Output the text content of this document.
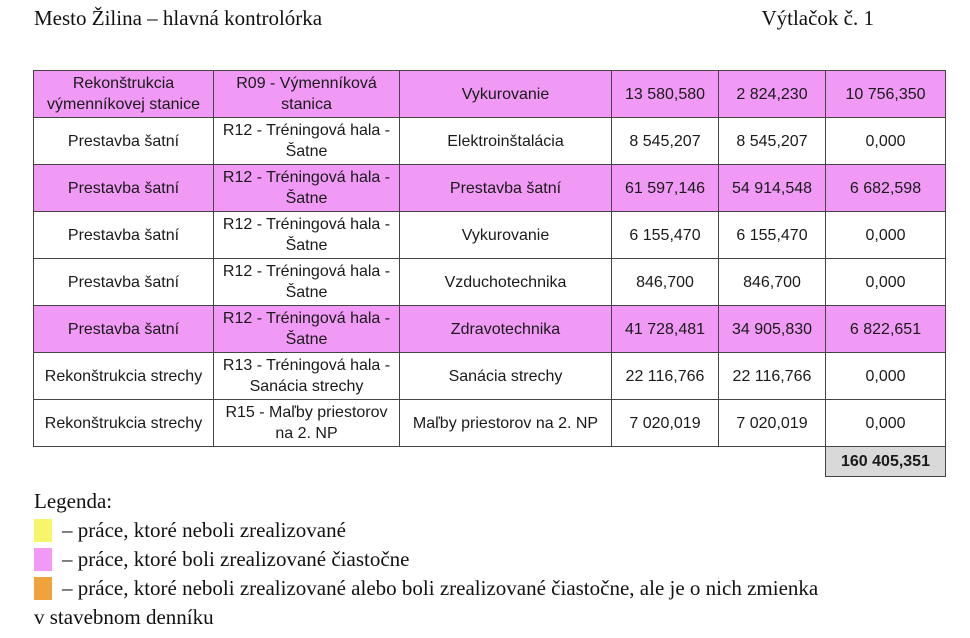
Mesto Žilina – hlavná kontrolórka	Výtlačok č. 1
Rekonštrukcia výmenníkovej stanice	R09 - Výmenníková stanica	Vykurovanie	13 580,580	2 824,230	10 756,350
Prestavba šatní	R12 - Tréningová hala - Šatne	Elektroinštalácia	8 545,207	8 545,207	0,000
Prestavba šatní	R12 - Tréningová hala - Šatne	Prestavba šatní	61 597,146	54 914,548	6 682,598
Prestavba šatní	R12 - Tréningová hala - Šatne	Vykurovanie	6 155,470	6 155,470	0,000
Prestavba šatní	R12 - Tréningová hala - Šatne	Vzduchotechnika	846,700	846,700	0,000
Prestavba šatní	R12 - Tréningová hala - Šatne	Zdravotechnika	41 728,481	34 905,830	6 822,651
Rekonštrukcia strechy	R13 - Tréningová hala - Sanácia strechy	Sanácia strechy	22 116,766	22 116,766	0,000
Rekonštrukcia strechy	R15 - Maľby priestorov na 2. NP	Maľby priestorov na 2. NP	7 020,019	7 020,019	0,000
					160 405,351
Legenda:
– práce, ktoré neboli zrealizované
– práce, ktoré boli zrealizované čiastočne
– práce, ktoré neboli zrealizované alebo boli zrealizované čiastočne, ale je o nich zmienka
v stavebnom denníku
